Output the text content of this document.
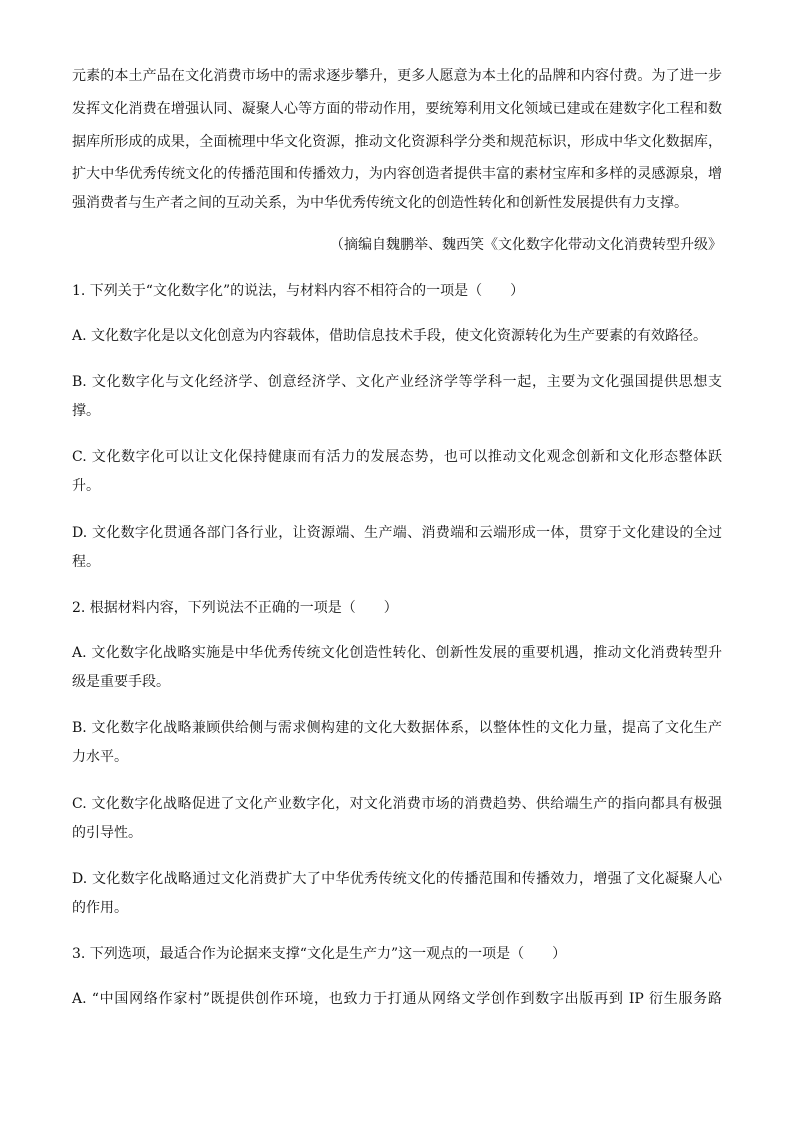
元素的本土产品在文化消费市场中的需求逐步攀升，更多人愿意为本土化的品牌和内容付费。为了进一步
发挥文化消费在增强认同、凝聚人心等方面的带动作用，要统筹利用文化领域已建或在建数字化工程和数
据库所形成的成果，全面梳理中华文化资源，推动文化资源科学分类和规范标识，形成中华文化数据库，
扩大中华优秀传统文化的传播范围和传播效力，为内容创造者提供丰富的素材宝库和多样的灵感源泉，增
强消费者与生产者之间的互动关系，为中华优秀传统文化的创造性转化和创新性发展提供有力支撑。
（摘编自魏鹏举、魏西笑《文化数字化带动文化消费转型升级》
1. 下列关于“文化数字化”的说法，与材料内容不相符合的一项是（　　）
A. 文化数字化是以文化创意为内容载体，借助信息技术手段，使文化资源转化为生产要素的有效路径。
B. 文化数字化与文化经济学、创意经济学、文化产业经济学等学科一起，主要为文化强国提供思想支
撑。
C. 文化数字化可以让文化保持健康而有活力的发展态势，也可以推动文化观念创新和文化形态整体跃
升。
D. 文化数字化贯通各部门各行业，让资源端、生产端、消费端和云端形成一体，贯穿于文化建设的全过
程。
2. 根据材料内容，下列说法不正确的一项是（　　）
A. 文化数字化战略实施是中华优秀传统文化创造性转化、创新性发展的重要机遇，推动文化消费转型升
级是重要手段。
B. 文化数字化战略兼顾供给侧与需求侧构建的文化大数据体系，以整体性的文化力量，提高了文化生产
力水平。
C. 文化数字化战略促进了文化产业数字化，对文化消费市场的消费趋势、供给端生产的指向都具有极强
的引导性。
D. 文化数字化战略通过文化消费扩大了中华优秀传统文化的传播范围和传播效力，增强了文化凝聚人心
的作用。
3. 下列选项，最适合作为论据来支撑“文化是生产力”这一观点的一项是（　　）
A. “中国网络作家村”既提供创作环境，也致力于打通从网络文学创作到数字出版再到 IP 衍生服务路
